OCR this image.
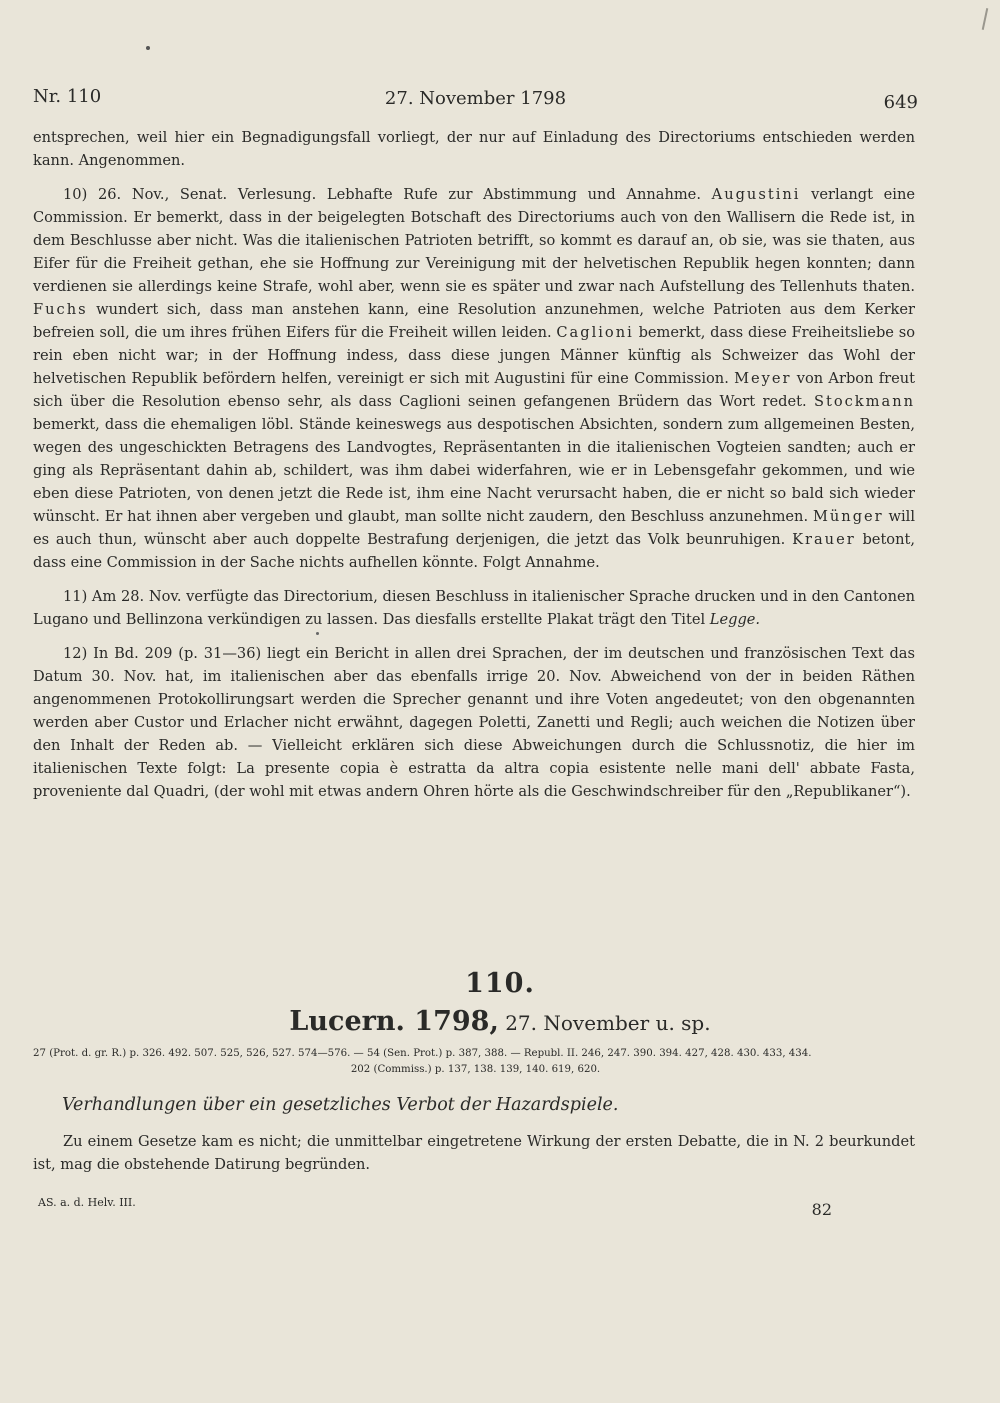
Nr. 110	27. November 1798	649

entsprechen, weil hier ein Begnadigungsfall vorliegt, der nur auf Einladung des Directoriums entschieden werden kann. Angenommen.

10) 26. Nov., Senat. Verlesung. Lebhafte Rufe zur Abstimmung und Annahme. Augustini verlangt eine Commission. Er bemerkt, dass in der beigelegten Botschaft des Directoriums auch von den Wallisern die Rede ist, in dem Beschlusse aber nicht. Was die italienischen Patrioten betrifft, so kommt es darauf an, ob sie, was sie thaten, aus Eifer für die Freiheit gethan, ehe sie Hoffnung zur Vereinigung mit der helvetischen Republik hegen konnten; dann verdienen sie allerdings keine Strafe, wohl aber, wenn sie es später und zwar nach Aufstellung des Tellenhuts thaten. Fuchs wundert sich, dass man anstehen kann, eine Resolution anzunehmen, welche Patrioten aus dem Kerker befreien soll, die um ihres frühen Eifers für die Freiheit willen leiden. Caglioni bemerkt, dass diese Freiheitsliebe so rein eben nicht war; in der Hoffnung indess, dass diese jungen Männer künftig als Schweizer das Wohl der helvetischen Republik befördern helfen, vereinigt er sich mit Augustini für eine Commission. Meyer von Arbon freut sich über die Resolution ebenso sehr, als dass Caglioni seinen gefangenen Brüdern das Wort redet. Stockmann bemerkt, dass die ehemaligen löbl. Stände keineswegs aus despotischen Absichten, sondern zum allgemeinen Besten, wegen des ungeschickten Betragens des Landvogtes, Repräsentanten in die italienischen Vogteien sandten; auch er ging als Repräsentant dahin ab, schildert, was ihm dabei widerfahren, wie er in Lebensgefahr gekommen, und wie eben diese Patrioten, von denen jetzt die Rede ist, ihm eine Nacht verursacht haben, die er nicht so bald sich wieder wünscht. Er hat ihnen aber vergeben und glaubt, man sollte nicht zaudern, den Beschluss anzunehmen. Münger will es auch thun, wünscht aber auch doppelte Bestrafung derjenigen, die jetzt das Volk beunruhigen. Krauer betont, dass eine Commission in der Sache nichts aufhellen könnte. Folgt Annahme.

11) Am 28. Nov. verfügte das Directorium, diesen Beschluss in italienischer Sprache drucken und in den Cantonen Lugano und Bellinzona verkündigen zu lassen. Das diesfalls erstellte Plakat trägt den Titel Legge.

12) In Bd. 209 (p. 31—36) liegt ein Bericht in allen drei Sprachen, der im deutschen und französischen Text das Datum 30. Nov. hat, im italienischen aber das ebenfalls irrige 20. Nov. Abweichend von der in beiden Räthen angenommenen Protokollirungsart werden die Sprecher genannt und ihre Voten angedeutet; von den obgenannten werden aber Custor und Erlacher nicht erwähnt, dagegen Poletti, Zanetti und Regli; auch weichen die Notizen über den Inhalt der Reden ab. — Vielleicht erklären sich diese Abweichungen durch die Schlussnotiz, die hier im italienischen Texte folgt: La presente copia è estratta da altra copia esistente nelle mani dell' abbate Fasta, proveniente dal Quadri, (der wohl mit etwas andern Ohren hörte als die Geschwindschreiber für den „Republikaner“).

110.
Lucern. 1798, 27. November u. sp.
27 (Prot. d. gr. R.) p. 326. 492. 507. 525, 526, 527. 574—576. — 54 (Sen. Prot.) p. 387, 388. — Republ. II. 246, 247. 390. 394. 427, 428. 430. 433, 434.
202 (Commiss.) p. 137, 138. 139, 140. 619, 620.
Verhandlungen über ein gesetzliches Verbot der Hazardspiele.
Zu einem Gesetze kam es nicht; die unmittelbar eingetretene Wirkung der ersten Debatte, die in N. 2 beurkundet ist, mag die obstehende Datirung begründen.
AS. a. d. Helv. III.	82
